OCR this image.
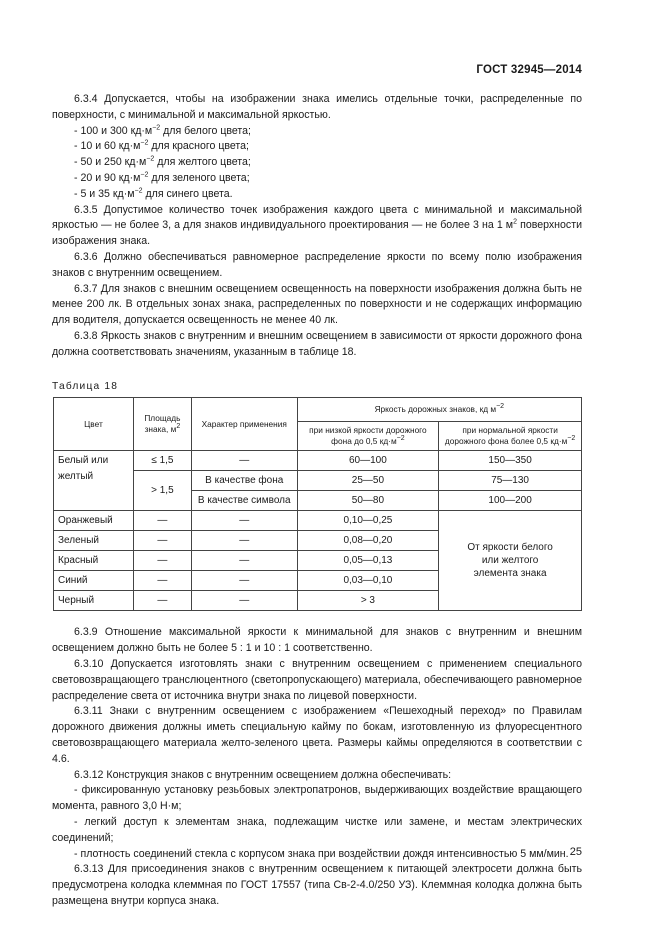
ГОСТ 32945—2014

6.3.4 Допускается, чтобы на изображении знака имелись отдельные точки, распределенные по поверхности, с минимальной и максимальной яркостью.

- 100 и 300 $кд\cdot м^{-2}$ для белого цвета;

- 10 и 60 $кд\cdot м^{-2}$ для красного цвета;

- 50 и 250 $кд\cdot м^{-2}$ для желтого цвета;

- 20 и 90 $кд\cdot м^{-2}$ для зеленого цвета;

- 5 и 35 $кд\cdot м^{-2}$ для синего цвета.

6.3.5 Допустимое количество точек изображения каждого цвета с минимальной и максимальной яркостью — не более 3, а для знаков индивидуального проектирования — не более 3 на 1 $м^2$ поверхности изображения знака.

6.3.6 Должно обеспечиваться равномерное распределение яркости по всему полю изображения знаков с внутренним освещением.

6.3.7 Для знаков с внешним освещением освещенность на поверхности изображения должна быть не менее 200 лк. В отдельных зонах знака, распределенных по поверхности и не содержащих информацию для водителя, допускается освещенность не менее 40 лк.

6.3.8 Яркость знаков с внутренним и внешним освещением в зависимости от яркости дорожного фона должна соответствовать значениям, указанным в таблице 18.

Таблица 18
Цвет	Площадь знака, $м^2$	Характер применения	Яркость дорожных знаков, кд $м^{-2}$
			при низкой яркости дорожного фона до 0,5 $кд\cdot м^{-2}$	при нормальной яркости дорожного фона более 0,5 $кд\cdot м^{-2}$
Белый или желтый	≤ 1,5	—	60—100	150—350
	> 1,5	В качестве фона	25—50	75—130
		В качестве символа	50—80	100—200
Оранжевый	—	—	0,10—0,25	От яркости белого или желтого элемента знака
Зеленый	—	—	0,08—0,20	
Красный	—	—	0,05—0,13	
Синий	—	—	0,03—0,10	
Черный	—	—	> 3	

6.3.9 Отношение максимальной яркости к минимальной для знаков с внутренним и внешним освещением должно быть не более 5 : 1 и 10 : 1 соответственно.

6.3.10 Допускается изготовлять знаки с внутренним освещением с применением специального световозвращающего транслюцентного (светопропускающего) материала, обеспечивающего равномерное распределение света от источника внутри знака по лицевой поверхности.

6.3.11 Знаки с внутренним освещением с изображением «Пешеходный переход» по Правилам дорожного движения должны иметь специальную кайму по бокам, изготовленную из флуоресцентного световозвращающего материала желто-зеленого цвета. Размеры каймы определяются в соответствии с 4.6.

6.3.12 Конструкция знаков с внутренним освещением должна обеспечивать:

- фиксированную установку резьбовых электропатронов, выдерживающих воздействие вращающего момента, равного 3,0 Н·м;

- легкий доступ к элементам знака, подлежащим чистке или замене, и местам электрических соединений;

- плотность соединений стекла с корпусом знака при воздействии дождя интенсивностью 5 мм/мин.

6.3.13 Для присоединения знаков с внутренним освещением к питающей электросети должна быть предусмотрена колодка клеммная по ГОСТ 17557 (типа Св-2-4.0/250 УЗ). Клеммная колодка должна быть размещена внутри корпуса знака.

25
